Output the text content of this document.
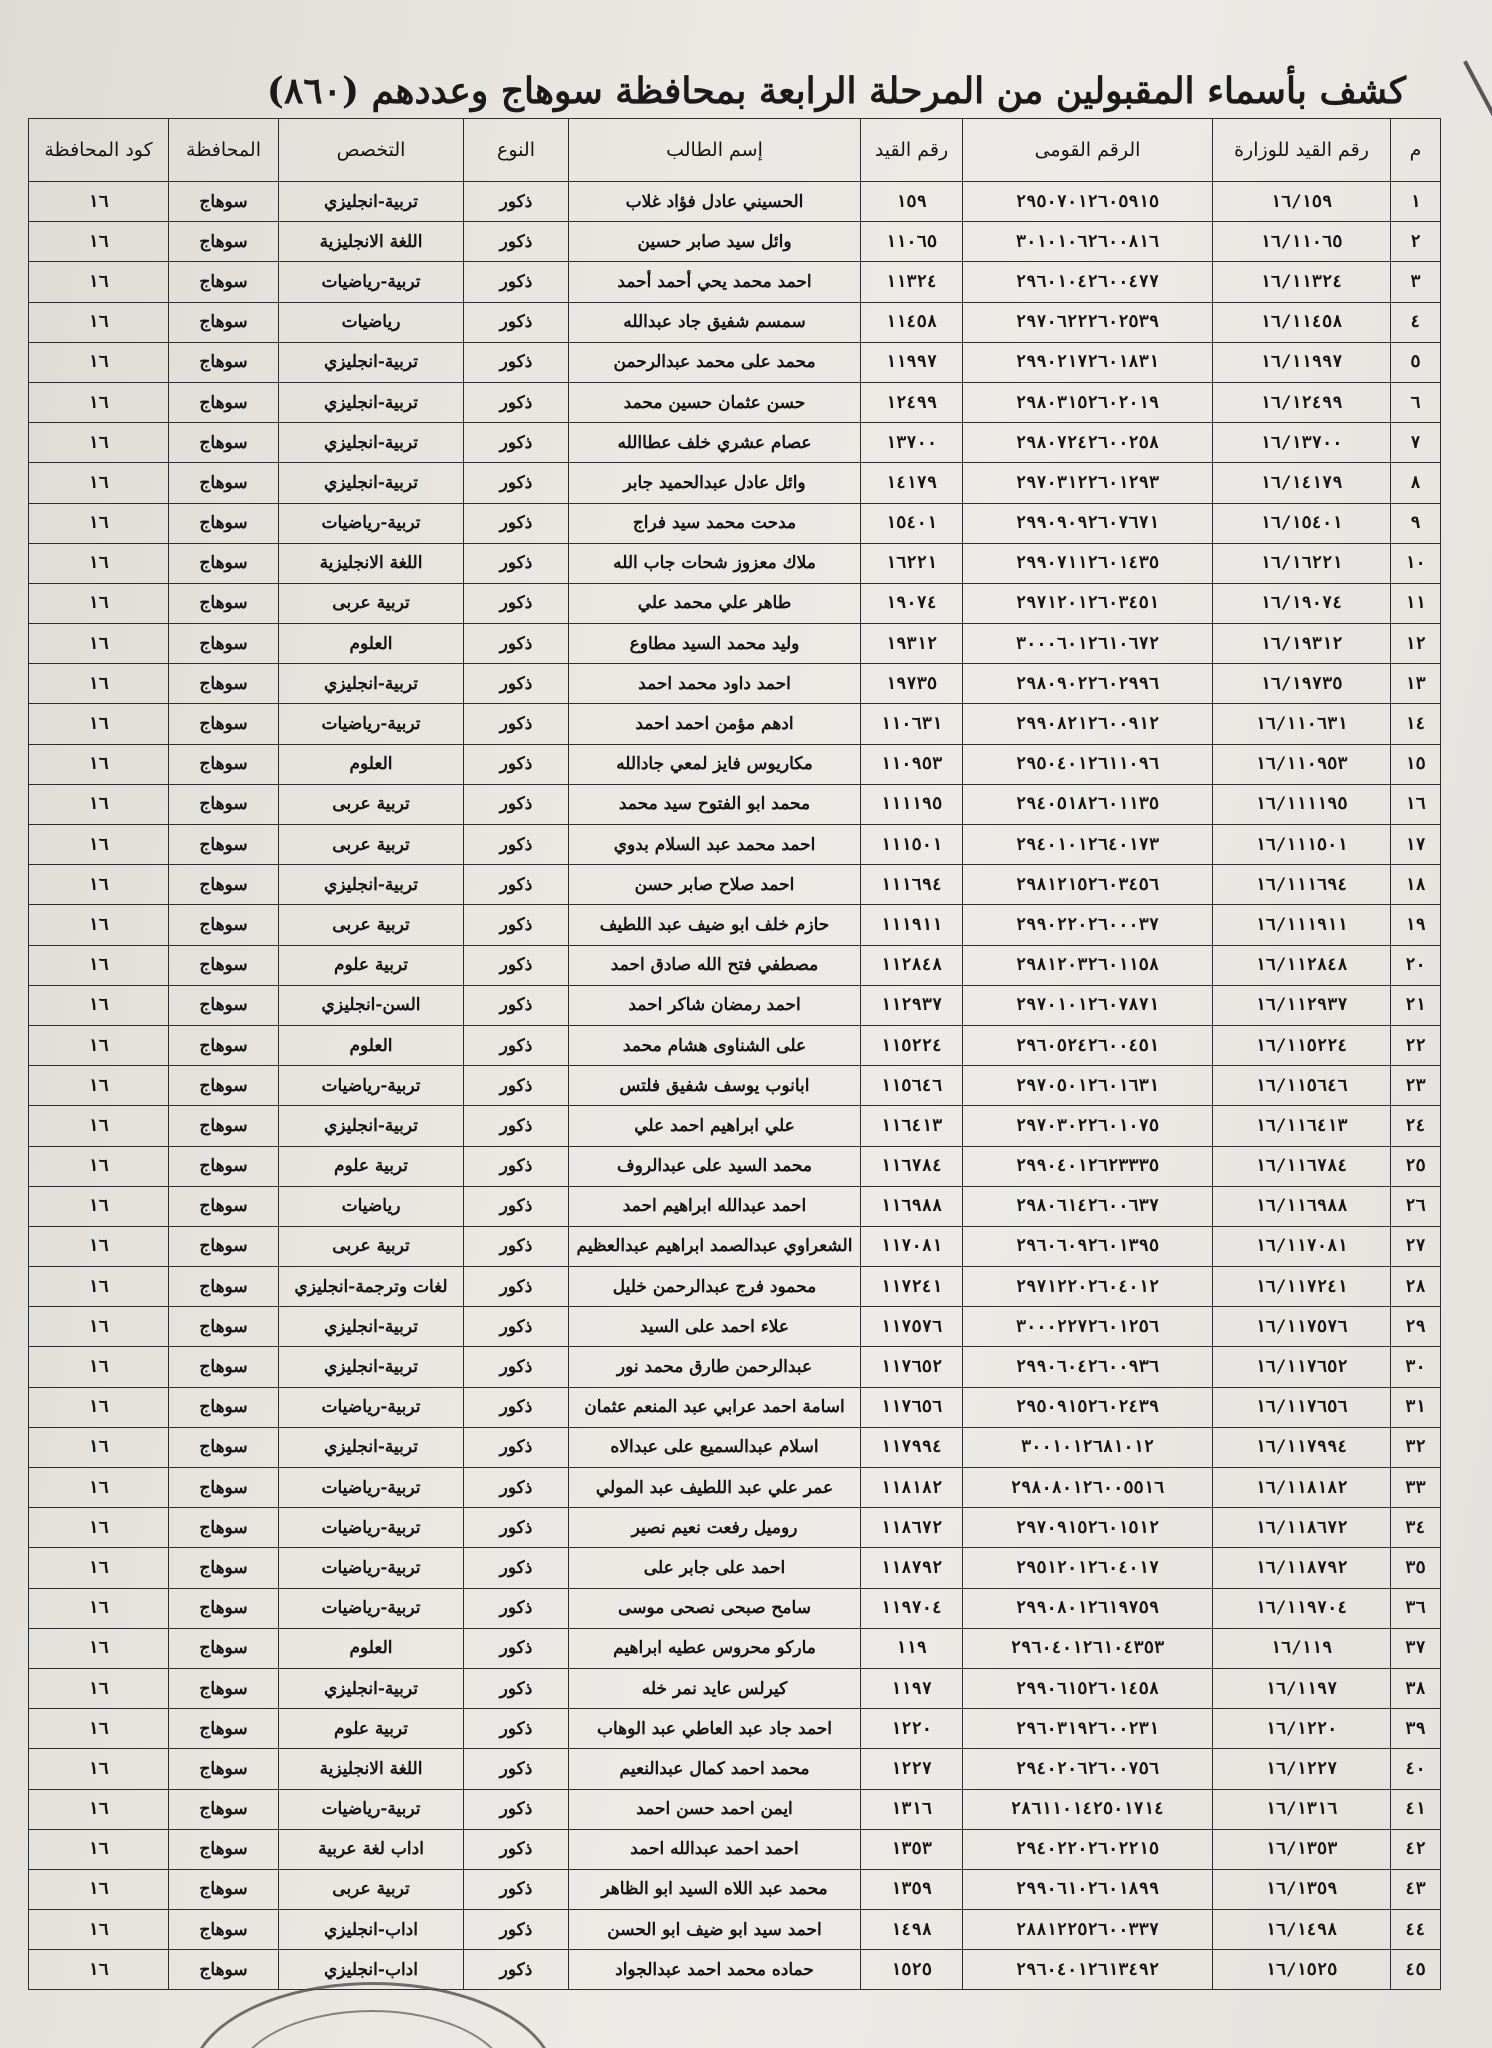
كشف بأسماء المقبولين من المرحلة الرابعة بمحافظة سوهاج وعددهم (٨٦٠)
م	رقم القيد للوزارة	الرقم القومى	رقم القيد	إسم الطالب	النوع	التخصص	المحافظة	كود المحافظة
١	١٦/١٥٩	٢٩٥٠٧٠١٢٦٠٥٩١٥	١٥٩	الحسيني عادل فؤاد غلاب	ذكور	تربية-انجليزي	سوهاج	١٦
٢	١٦/١١٠٦٥	٣٠١٠١٠٦٢٦٠٠٨١٦	١١٠٦٥	وائل سيد صابر حسين	ذكور	اللغة الانجليزية	سوهاج	١٦
٣	١٦/١١٣٢٤	٢٩٦٠١٠٤٢٦٠٠٤٧٧	١١٣٢٤	احمد محمد يحي أحمد أحمد	ذكور	تربية-رياضيات	سوهاج	١٦
٤	١٦/١١٤٥٨	٢٩٧٠٦٢٢٢٦٠٢٥٣٩	١١٤٥٨	سمسم شفيق جاد عبدالله	ذكور	رياضيات	سوهاج	١٦
٥	١٦/١١٩٩٧	٢٩٩٠٢١٧٢٦٠١٨٣١	١١٩٩٧	محمد على محمد عبدالرحمن	ذكور	تربية-انجليزي	سوهاج	١٦
٦	١٦/١٢٤٩٩	٢٩٨٠٣١٥٢٦٠٢٠١٩	١٢٤٩٩	حسن عثمان حسين محمد	ذكور	تربية-انجليزي	سوهاج	١٦
٧	١٦/١٣٧٠٠	٢٩٨٠٧٢٤٢٦٠٠٢٥٨	١٣٧٠٠	عصام عشري خلف عطاالله	ذكور	تربية-انجليزي	سوهاج	١٦
٨	١٦/١٤١٧٩	٢٩٧٠٣١٢٢٦٠١٢٩٣	١٤١٧٩	وائل عادل عبدالحميد جابر	ذكور	تربية-انجليزي	سوهاج	١٦
٩	١٦/١٥٤٠١	٢٩٩٠٩٠٩٢٦٠٧٦٧١	١٥٤٠١	مدحت محمد سيد فراج	ذكور	تربية-رياضيات	سوهاج	١٦
١٠	١٦/١٦٢٢١	٢٩٩٠٧١١٢٦٠١٤٣٥	١٦٢٢١	ملاك معزوز شحات جاب الله	ذكور	اللغة الانجليزية	سوهاج	١٦
١١	١٦/١٩٠٧٤	٢٩٧١٢٠١٢٦٠٣٤٥١	١٩٠٧٤	طاهر علي محمد علي	ذكور	تربية عربى	سوهاج	١٦
١٢	١٦/١٩٣١٢	٣٠٠٠٦٠١٢٦١٠٦٧٢	١٩٣١٢	وليد محمد السيد مطاوع	ذكور	العلوم	سوهاج	١٦
١٣	١٦/١٩٧٣٥	٢٩٨٠٩٠٢٢٦٠٢٩٩٦	١٩٧٣٥	احمد داود محمد احمد	ذكور	تربية-انجليزي	سوهاج	١٦
١٤	١٦/١١٠٦٣١	٢٩٩٠٨٢١٢٦٠٠٩١٢	١١٠٦٣١	ادهم مؤمن احمد احمد	ذكور	تربية-رياضيات	سوهاج	١٦
١٥	١٦/١١٠٩٥٣	٢٩٥٠٤٠١٢٦١١٠٩٦	١١٠٩٥٣	مكاريوس فايز لمعي جادالله	ذكور	العلوم	سوهاج	١٦
١٦	١٦/١١١١٩٥	٢٩٤٠٥١٨٢٦٠١١٣٥	١١١١٩٥	محمد ابو الفتوح سيد محمد	ذكور	تربية عربى	سوهاج	١٦
١٧	١٦/١١١٥٠١	٢٩٤٠١٠١٢٦٤٠١٧٣	١١١٥٠١	احمد محمد عبد السلام بدوي	ذكور	تربية عربى	سوهاج	١٦
١٨	١٦/١١١٦٩٤	٢٩٨١٢١٥٢٦٠٣٤٥٦	١١١٦٩٤	احمد صلاح صابر حسن	ذكور	تربية-انجليزي	سوهاج	١٦
١٩	١٦/١١١٩١١	٢٩٩٠٢٢٠٢٦٠٠٠٣٧	١١١٩١١	حازم خلف ابو ضيف عبد اللطيف	ذكور	تربية عربى	سوهاج	١٦
٢٠	١٦/١١٢٨٤٨	٢٩٨١٢٠٣٢٦٠١١٥٨	١١٢٨٤٨	مصطفي فتح الله صادق احمد	ذكور	تربية علوم	سوهاج	١٦
٢١	١٦/١١٢٩٣٧	٢٩٧٠١٠١٢٦٠٧٨٧١	١١٢٩٣٧	احمد رمضان شاكر احمد	ذكور	السن-انجليزي	سوهاج	١٦
٢٢	١٦/١١٥٢٢٤	٢٩٦٠٥٢٤٢٦٠٠٤٥١	١١٥٢٢٤	على الشناوى هشام محمد	ذكور	العلوم	سوهاج	١٦
٢٣	١٦/١١٥٦٤٦	٢٩٧٠٥٠١٢٦٠١٦٣١	١١٥٦٤٦	ابانوب يوسف شفيق فلتس	ذكور	تربية-رياضيات	سوهاج	١٦
٢٤	١٦/١١٦٤١٣	٢٩٧٠٣٠٢٢٦٠١٠٧٥	١١٦٤١٣	علي ابراهيم احمد علي	ذكور	تربية-انجليزي	سوهاج	١٦
٢٥	١٦/١١٦٧٨٤	٢٩٩٠٤٠١٢٦٢٣٣٣٥	١١٦٧٨٤	محمد السيد على عبدالروف	ذكور	تربية علوم	سوهاج	١٦
٢٦	١٦/١١٦٩٨٨	٢٩٨٠٦١٤٢٦٠٠٦٣٧	١١٦٩٨٨	احمد عبدالله ابراهيم احمد	ذكور	رياضيات	سوهاج	١٦
٢٧	١٦/١١٧٠٨١	٢٩٦٠٦٠٩٢٦٠١٣٩٥	١١٧٠٨١	الشعراوي عبدالصمد ابراهيم عبدالعظيم	ذكور	تربية عربى	سوهاج	١٦
٢٨	١٦/١١٧٢٤١	٢٩٧١٢٢٠٢٦٠٤٠١٢	١١٧٢٤١	محمود فرج عبدالرحمن خليل	ذكور	لغات وترجمة-انجليزي	سوهاج	١٦
٢٩	١٦/١١٧٥٧٦	٣٠٠٠٢٢٧٢٦٠١٢٥٦	١١٧٥٧٦	علاء احمد على السيد	ذكور	تربية-انجليزي	سوهاج	١٦
٣٠	١٦/١١٧٦٥٢	٢٩٩٠٦٠٤٢٦٠٠٩٣٦	١١٧٦٥٢	عبدالرحمن طارق محمد نور	ذكور	تربية-انجليزي	سوهاج	١٦
٣١	١٦/١١٧٦٥٦	٢٩٥٠٩١٥٢٦٠٢٤٣٩	١١٧٦٥٦	اسامة احمد عرابي عبد المنعم عثمان	ذكور	تربية-رياضيات	سوهاج	١٦
٣٢	١٦/١١٧٩٩٤	٣٠٠١٠١٢٦٨١٠١٢	١١٧٩٩٤	اسلام عبدالسميع على عبدالاه	ذكور	تربية-انجليزي	سوهاج	١٦
٣٣	١٦/١١٨١٨٢	٢٩٨٠٨٠١٢٦٠٠٥٥١٦	١١٨١٨٢	عمر علي عبد اللطيف عبد المولي	ذكور	تربية-رياضيات	سوهاج	١٦
٣٤	١٦/١١٨٦٧٢	٢٩٧٠٩١٥٢٦٠١٥١٢	١١٨٦٧٢	روميل رفعت نعيم نصير	ذكور	تربية-رياضيات	سوهاج	١٦
٣٥	١٦/١١٨٧٩٢	٢٩٥١٢٠١٢٦٠٤٠١٧	١١٨٧٩٢	احمد على جابر على	ذكور	تربية-رياضيات	سوهاج	١٦
٣٦	١٦/١١٩٧٠٤	٢٩٩٠٨٠١٢٦١٩٧٥٩	١١٩٧٠٤	سامح صبحى نصحى موسى	ذكور	تربية-رياضيات	سوهاج	١٦
٣٧	١٦/١١٩	٢٩٦٠٤٠١٢٦١٠٤٣٥٣	١١٩	ماركو محروس عطيه ابراهيم	ذكور	العلوم	سوهاج	١٦
٣٨	١٦/١١٩٧	٢٩٩٠٦١٥٢٦٠١٤٥٨	١١٩٧	كيرلس عايد نمر خله	ذكور	تربية-انجليزي	سوهاج	١٦
٣٩	١٦/١٢٢٠	٢٩٦٠٣١٩٢٦٠٠٢٣١	١٢٢٠	احمد جاد عبد العاطي عبد الوهاب	ذكور	تربية علوم	سوهاج	١٦
٤٠	١٦/١٢٢٧	٢٩٤٠٢٠٦٢٦٠٠٧٥٦	١٢٢٧	محمد احمد كمال عبدالنعيم	ذكور	اللغة الانجليزية	سوهاج	١٦
٤١	١٦/١٣١٦	٢٨٦١١٠١٤٢٥٠١٧١٤	١٣١٦	ايمن احمد حسن احمد	ذكور	تربية-رياضيات	سوهاج	١٦
٤٢	١٦/١٣٥٣	٢٩٤٠٢٢٠٢٦٠٢٢١٥	١٣٥٣	احمد احمد عبدالله احمد	ذكور	اداب لغة عربية	سوهاج	١٦
٤٣	١٦/١٣٥٩	٢٩٩٠٦١٠٢٦٠١٨٩٩	١٣٥٩	محمد عبد اللاه السيد ابو الظاهر	ذكور	تربية عربى	سوهاج	١٦
٤٤	١٦/١٤٩٨	٢٨٨١٢٢٥٢٦٠٠٣٣٧	١٤٩٨	احمد سيد ابو ضيف ابو الحسن	ذكور	اداب-انجليزي	سوهاج	١٦
٤٥	١٦/١٥٢٥	٢٩٦٠٤٠١٢٦١٣٤٩٢	١٥٢٥	حماده محمد احمد عبدالجواد	ذكور	اداب-انجليزي	سوهاج	١٦
